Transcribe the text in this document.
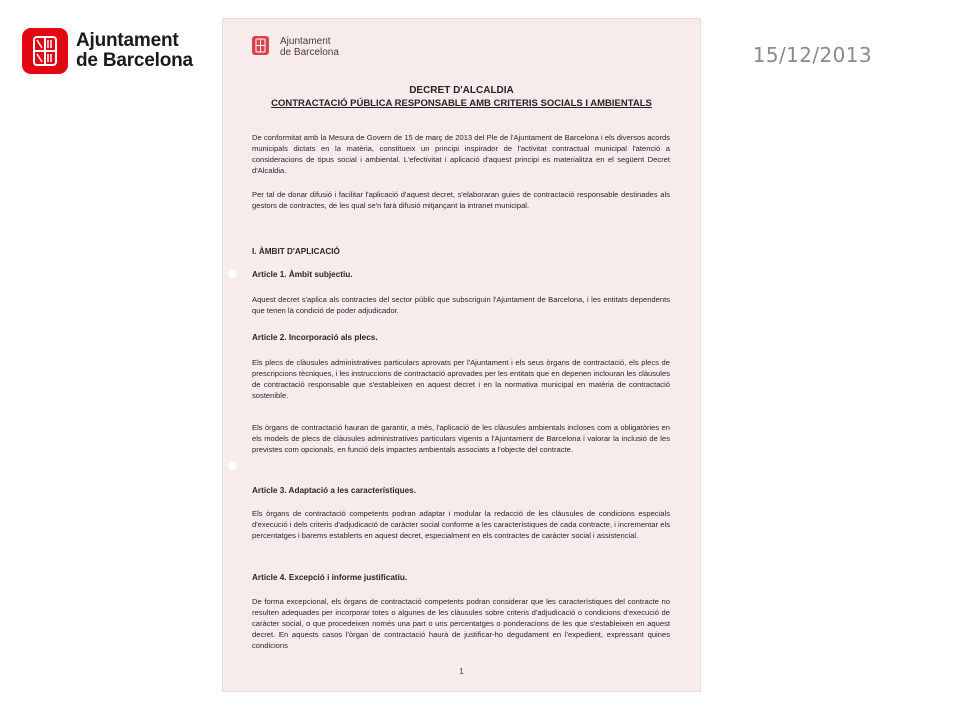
Ajuntament
de Barcelona	15/12/2013
Ajuntament
de Barcelona
DECRET D'ALCALDIA
CONTRACTACIÓ PÚBLICA RESPONSABLE AMB CRITERIS SOCIALS I AMBIENTALS

De conformitat amb la Mesura de Govern de 15 de març de 2013 del Ple de l'Ajuntament de Barcelona i els diversos acords municipals dictats en la matèria, constitueix un principi inspirador de l'activitat contractual municipal l'atenció a consideracions de tipus social i ambiental. L'efectivitat i aplicació d'aquest principi es materialitza en el següent Decret d'Alcaldia.

Per tal de donar difusió i facilitar l'aplicació d'aquest decret, s'elaboraran guies de contractació responsable destinades als gestors de contractes, de les qual se'n farà difusió mitjançant la intranet municipal.

I. ÀMBIT D'APLICACIÓ

Article 1. Àmbit subjectiu.

Aquest decret s'aplica als contractes del sector públic que subscriguin l'Ajuntament de Barcelona, i les entitats dependents que tenen la condició de poder adjudicador.

Article 2. Incorporació als plecs.

Els plecs de clàusules administratives particulars aprovats per l'Ajuntament i els seus òrgans de contractació, els plecs de prescripcions tècniques, i les instruccions de contractació aprovades per les entitats que en depenen inclouran les clàusules de contractació responsable que s'estableixen en aquest decret i en la normativa municipal en matèria de contractació sostenible.

Els òrgans de contractació hauran de garantir, a més, l'aplicació de les clàusules ambientals incloses com a obligatòries en els models de plecs de clàusules administratives particulars vigents a l'Ajuntament de Barcelona i valorar la inclusió de les previstes com opcionals, en funció dels impactes ambientals associats a l'objecte del contracte.

Article 3. Adaptació a les característiques.

Els òrgans de contractació competents podran adaptar i modular la redacció de les clàusules de condicions especials d'execució i dels criteris d'adjudicació de caràcter social conforme a les característiques de cada contracte, i incrementar els percentatges i barems establerts en aquest decret, especialment en els contractes de caràcter social i assistencial.

Article 4. Excepció i informe justificatiu.

De forma excepcional, els òrgans de contractació competents podran considerar que les característiques del contracte no resulten adequades per incorporar totes o algunes de les clàusules sobre criteris d'adjudicació o condicions d'execució de caràcter social, o que procedeixen només una part o uns percentatges o ponderacions de les que s'estableixen en aquest decret. En aquests casos l'òrgan de contractació haurà de justificar-ho degudament en l'expedient, expressant quines condicions

1
